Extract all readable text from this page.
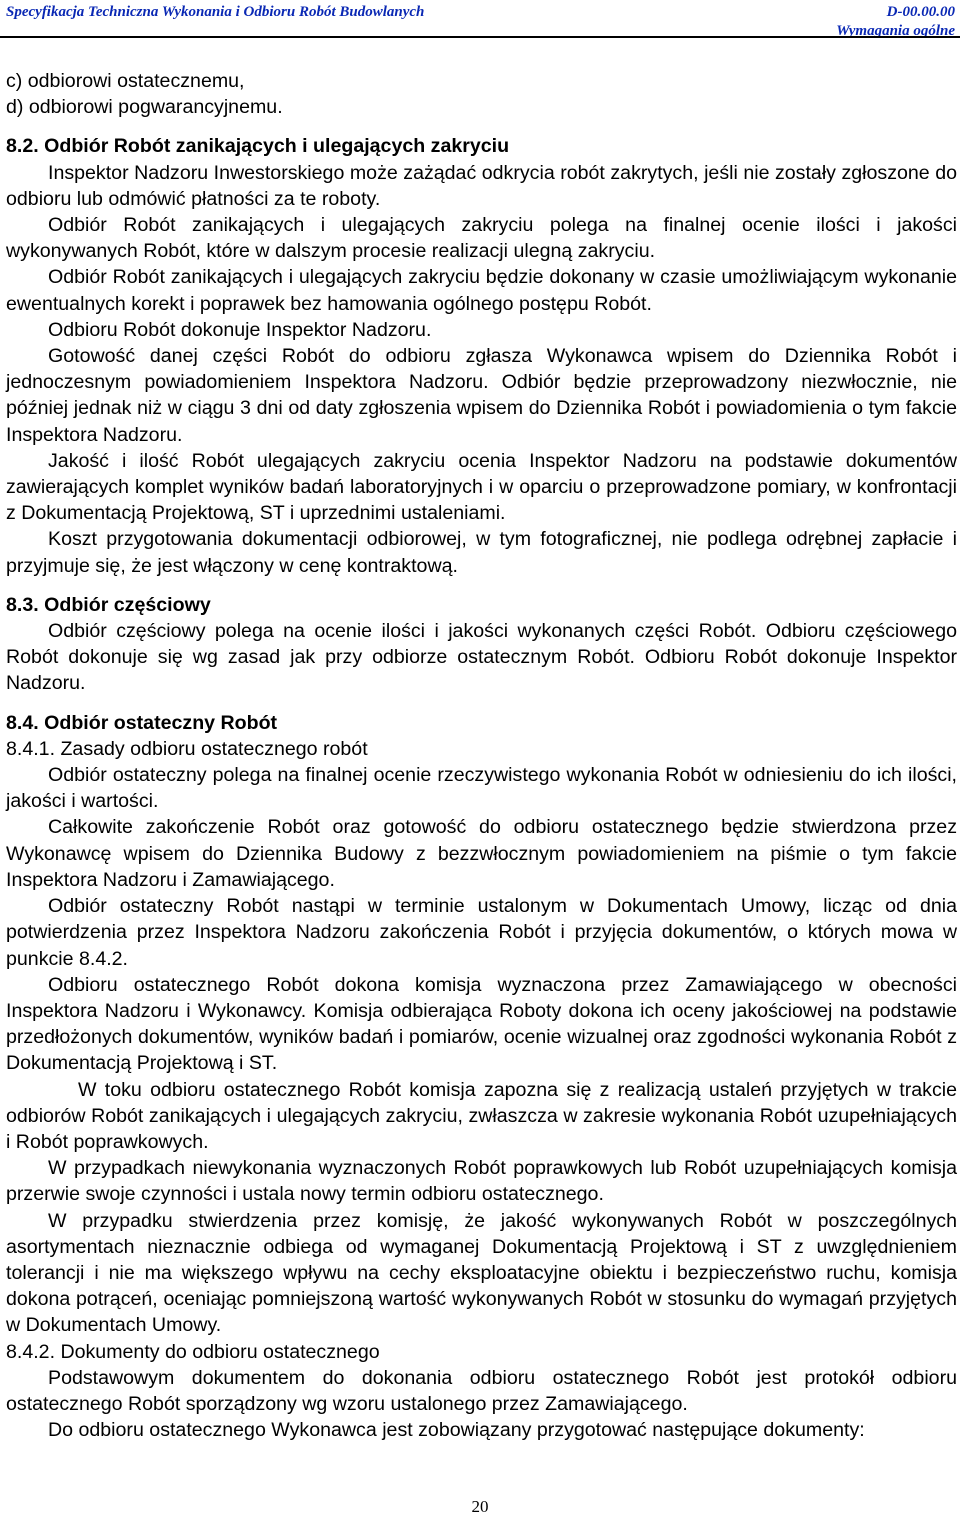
Specyfikacja Techniczna Wykonania i Odbioru Robót Budowlanych	D-00.00.00
Wymagania ogólne

c) odbiorowi ostatecznemu,

d) odbiorowi pogwarancyjnemu.

8.2. Odbiór Robót zanikających i ulegających zakryciu

Inspektor Nadzoru Inwestorskiego może zażądać odkrycia robót zakrytych, jeśli nie zostały zgłoszone do odbioru lub odmówić płatności za te roboty.

Odbiór Robót zanikających i ulegających zakryciu polega na finalnej ocenie ilości i jakości wykonywanych Robót, które w dalszym procesie realizacji ulegną zakryciu.

Odbiór Robót zanikających i ulegających zakryciu będzie dokonany w czasie umożliwiającym wykonanie ewentualnych korekt i poprawek bez hamowania ogólnego postępu Robót.

Odbioru Robót dokonuje Inspektor Nadzoru.

Gotowość danej części Robót do odbioru zgłasza Wykonawca wpisem do Dziennika Robót i jednoczesnym powiadomieniem Inspektora Nadzoru. Odbiór będzie przeprowadzony niezwłocznie, nie później jednak niż w ciągu 3 dni od daty zgłoszenia wpisem do Dziennika Robót i powiadomienia o tym fakcie Inspektora Nadzoru.

Jakość i ilość Robót ulegających zakryciu ocenia Inspektor Nadzoru na podstawie dokumentów zawierających komplet wyników badań laboratoryjnych i w oparciu o przeprowadzone pomiary, w konfrontacji z Dokumentacją Projektową, ST i uprzednimi ustaleniami.

Koszt przygotowania dokumentacji odbiorowej, w tym fotograficznej, nie podlega odrębnej zapłacie i przyjmuje się, że jest włączony w cenę kontraktową.

8.3. Odbiór częściowy

Odbiór częściowy polega na ocenie ilości i jakości wykonanych części Robót. Odbioru częściowego Robót dokonuje się wg zasad jak przy odbiorze ostatecznym Robót. Odbioru Robót dokonuje Inspektor Nadzoru.

8.4. Odbiór ostateczny Robót

8.4.1. Zasady odbioru ostatecznego robót

Odbiór ostateczny polega na finalnej ocenie rzeczywistego wykonania Robót w odniesieniu do ich ilości, jakości i wartości.

Całkowite zakończenie Robót oraz gotowość do odbioru ostatecznego będzie stwierdzona przez Wykonawcę wpisem do Dziennika Budowy z bezzwłocznym powiadomieniem na piśmie o tym fakcie Inspektora Nadzoru i Zamawiającego.

Odbiór ostateczny Robót nastąpi w terminie ustalonym w Dokumentach Umowy, licząc od dnia potwierdzenia przez Inspektora Nadzoru zakończenia Robót i przyjęcia dokumentów, o których mowa w punkcie 8.4.2.

Odbioru ostatecznego Robót dokona komisja wyznaczona przez Zamawiającego w obecności Inspektora Nadzoru i Wykonawcy. Komisja odbierająca Roboty dokona ich oceny jakościowej na podstawie przedłożonych dokumentów, wyników badań i pomiarów, ocenie wizualnej oraz zgodności wykonania Robót z Dokumentacją Projektową i ST.

W toku odbioru ostatecznego Robót komisja zapozna się z realizacją ustaleń przyjętych w trakcie odbiorów Robót zanikających i ulegających zakryciu, zwłaszcza w zakresie wykonania Robót uzupełniających i Robót poprawkowych.

W przypadkach niewykonania wyznaczonych Robót poprawkowych lub Robót uzupełniających komisja przerwie swoje czynności i ustala nowy termin odbioru ostatecznego.

W przypadku stwierdzenia przez komisję, że jakość wykonywanych Robót w poszczególnych asortymentach nieznacznie odbiega od wymaganej Dokumentacją Projektową i ST z uwzględnieniem tolerancji i nie ma większego wpływu na cechy eksploatacyjne obiektu i bezpieczeństwo ruchu, komisja dokona potrąceń, oceniając pomniejszoną wartość wykonywanych Robót w stosunku do wymagań przyjętych w Dokumentach Umowy.

8.4.2. Dokumenty do odbioru ostatecznego

Podstawowym dokumentem do dokonania odbioru ostatecznego Robót jest protokół odbioru ostatecznego Robót sporządzony wg wzoru ustalonego przez Zamawiającego.

Do odbioru ostatecznego Wykonawca jest zobowiązany przygotować następujące dokumenty:

20
